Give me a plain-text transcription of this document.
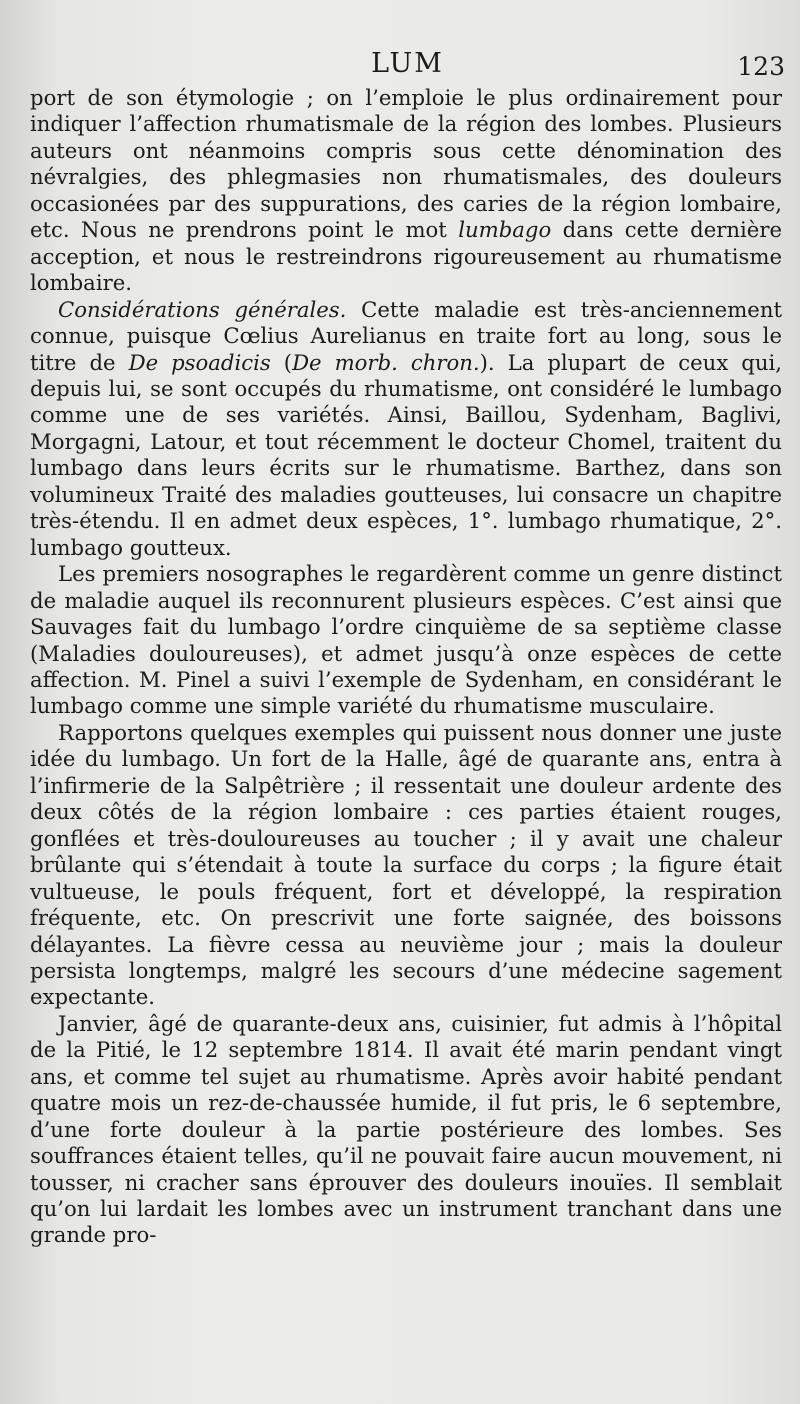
LUM	123

port de son étymologie ; on l’emploie le plus ordinairement pour indiquer l’affection rhumatismale de la région des lombes. Plusieurs auteurs ont néanmoins compris sous cette dénomination des névralgies, des phlegmasies non rhumatismales, des douleurs occasionées par des suppurations, des caries de la région lombaire, etc. Nous ne prendrons point le mot lumbago dans cette dernière acception, et nous le restreindrons rigoureusement au rhumatisme lombaire.

Considérations générales. Cette maladie est très-anciennement connue, puisque Cœlius Aurelianus en traite fort au long, sous le titre de De psoadicis (De morb. chron.). La plupart de ceux qui, depuis lui, se sont occupés du rhumatisme, ont considéré le lumbago comme une de ses variétés. Ainsi, Baillou, Sydenham, Baglivi, Morgagni, Latour, et tout récemment le docteur Chomel, traitent du lumbago dans leurs écrits sur le rhumatisme. Barthez, dans son volumineux Traité des maladies goutteuses, lui consacre un chapitre très-étendu. Il en admet deux espèces, 1°. lumbago rhumatique, 2°. lumbago goutteux.

Les premiers nosographes le regardèrent comme un genre distinct de maladie auquel ils reconnurent plusieurs espèces. C’est ainsi que Sauvages fait du lumbago l’ordre cinquième de sa septième classe (Maladies douloureuses), et admet jusqu’à onze espèces de cette affection. M. Pinel a suivi l’exemple de Sydenham, en considérant le lumbago comme une simple variété du rhumatisme musculaire.

Rapportons quelques exemples qui puissent nous donner une juste idée du lumbago. Un fort de la Halle, âgé de quarante ans, entra à l’infirmerie de la Salpêtrière ; il ressentait une douleur ardente des deux côtés de la région lombaire : ces parties étaient rouges, gonflées et très-douloureuses au toucher ; il y avait une chaleur brûlante qui s’étendait à toute la surface du corps ; la figure était vultueuse, le pouls fréquent, fort et développé, la respiration fréquente, etc. On prescrivit une forte saignée, des boissons délayantes. La fièvre cessa au neuvième jour ; mais la douleur persista longtemps, malgré les secours d’une médecine sagement expectante.

Janvier, âgé de quarante-deux ans, cuisinier, fut admis à l’hôpital de la Pitié, le 12 septembre 1814. Il avait été marin pendant vingt ans, et comme tel sujet au rhumatisme. Après avoir habité pendant quatre mois un rez-de-chaussée humide, il fut pris, le 6 septembre, d’une forte douleur à la partie postérieure des lombes. Ses souffrances étaient telles, qu’il ne pouvait faire aucun mouvement, ni tousser, ni cracher sans éprouver des douleurs inouïes. Il semblait qu’on lui lardait les lombes avec un instrument tranchant dans une grande pro-
